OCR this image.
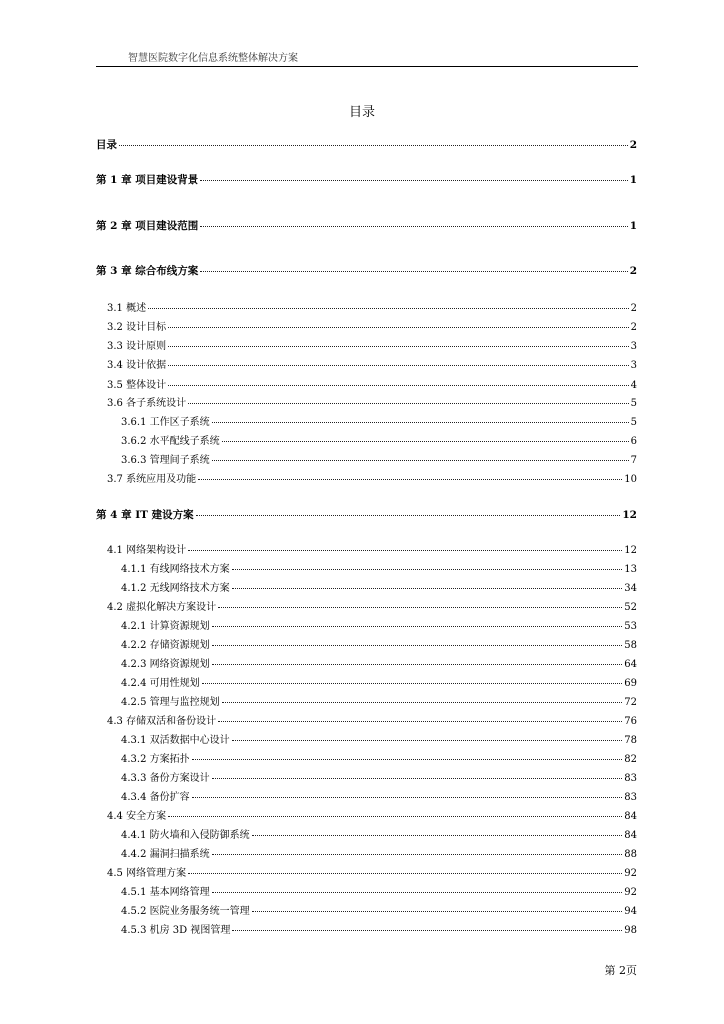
智慧医院数字化信息系统整体解决方案
目录
目录	2
第 1 章 项目建设背景	1
第 2 章 项目建设范围	1
第 3 章 综合布线方案	2
3.1 概述	2
3.2 设计目标	2
3.3 设计原则	3
3.4 设计依据	3
3.5 整体设计	4
3.6 各子系统设计	5
3.6.1 工作区子系统	5
3.6.2 水平配线子系统	6
3.6.3 管理间子系统	7
3.7 系统应用及功能	10
第 4 章 IT 建设方案	12
4.1 网络架构设计	12
4.1.1 有线网络技术方案	13
4.1.2 无线网络技术方案	34
4.2 虚拟化解决方案设计	52
4.2.1 计算资源规划	53
4.2.2 存储资源规划	58
4.2.3 网络资源规划	64
4.2.4 可用性规划	69
4.2.5 管理与监控规划	72
4.3 存储双活和备份设计	76
4.3.1 双活数据中心设计	78
4.3.2 方案拓扑	82
4.3.3 备份方案设计	83
4.3.4 备份扩容	83
4.4 安全方案	84
4.4.1 防火墙和入侵防御系统	84
4.4.2 漏洞扫描系统	88
4.5 网络管理方案	92
4.5.1 基本网络管理	92
4.5.2 医院业务服务统一管理	94
4.5.3 机房 3D 视图管理	98
第 2页
